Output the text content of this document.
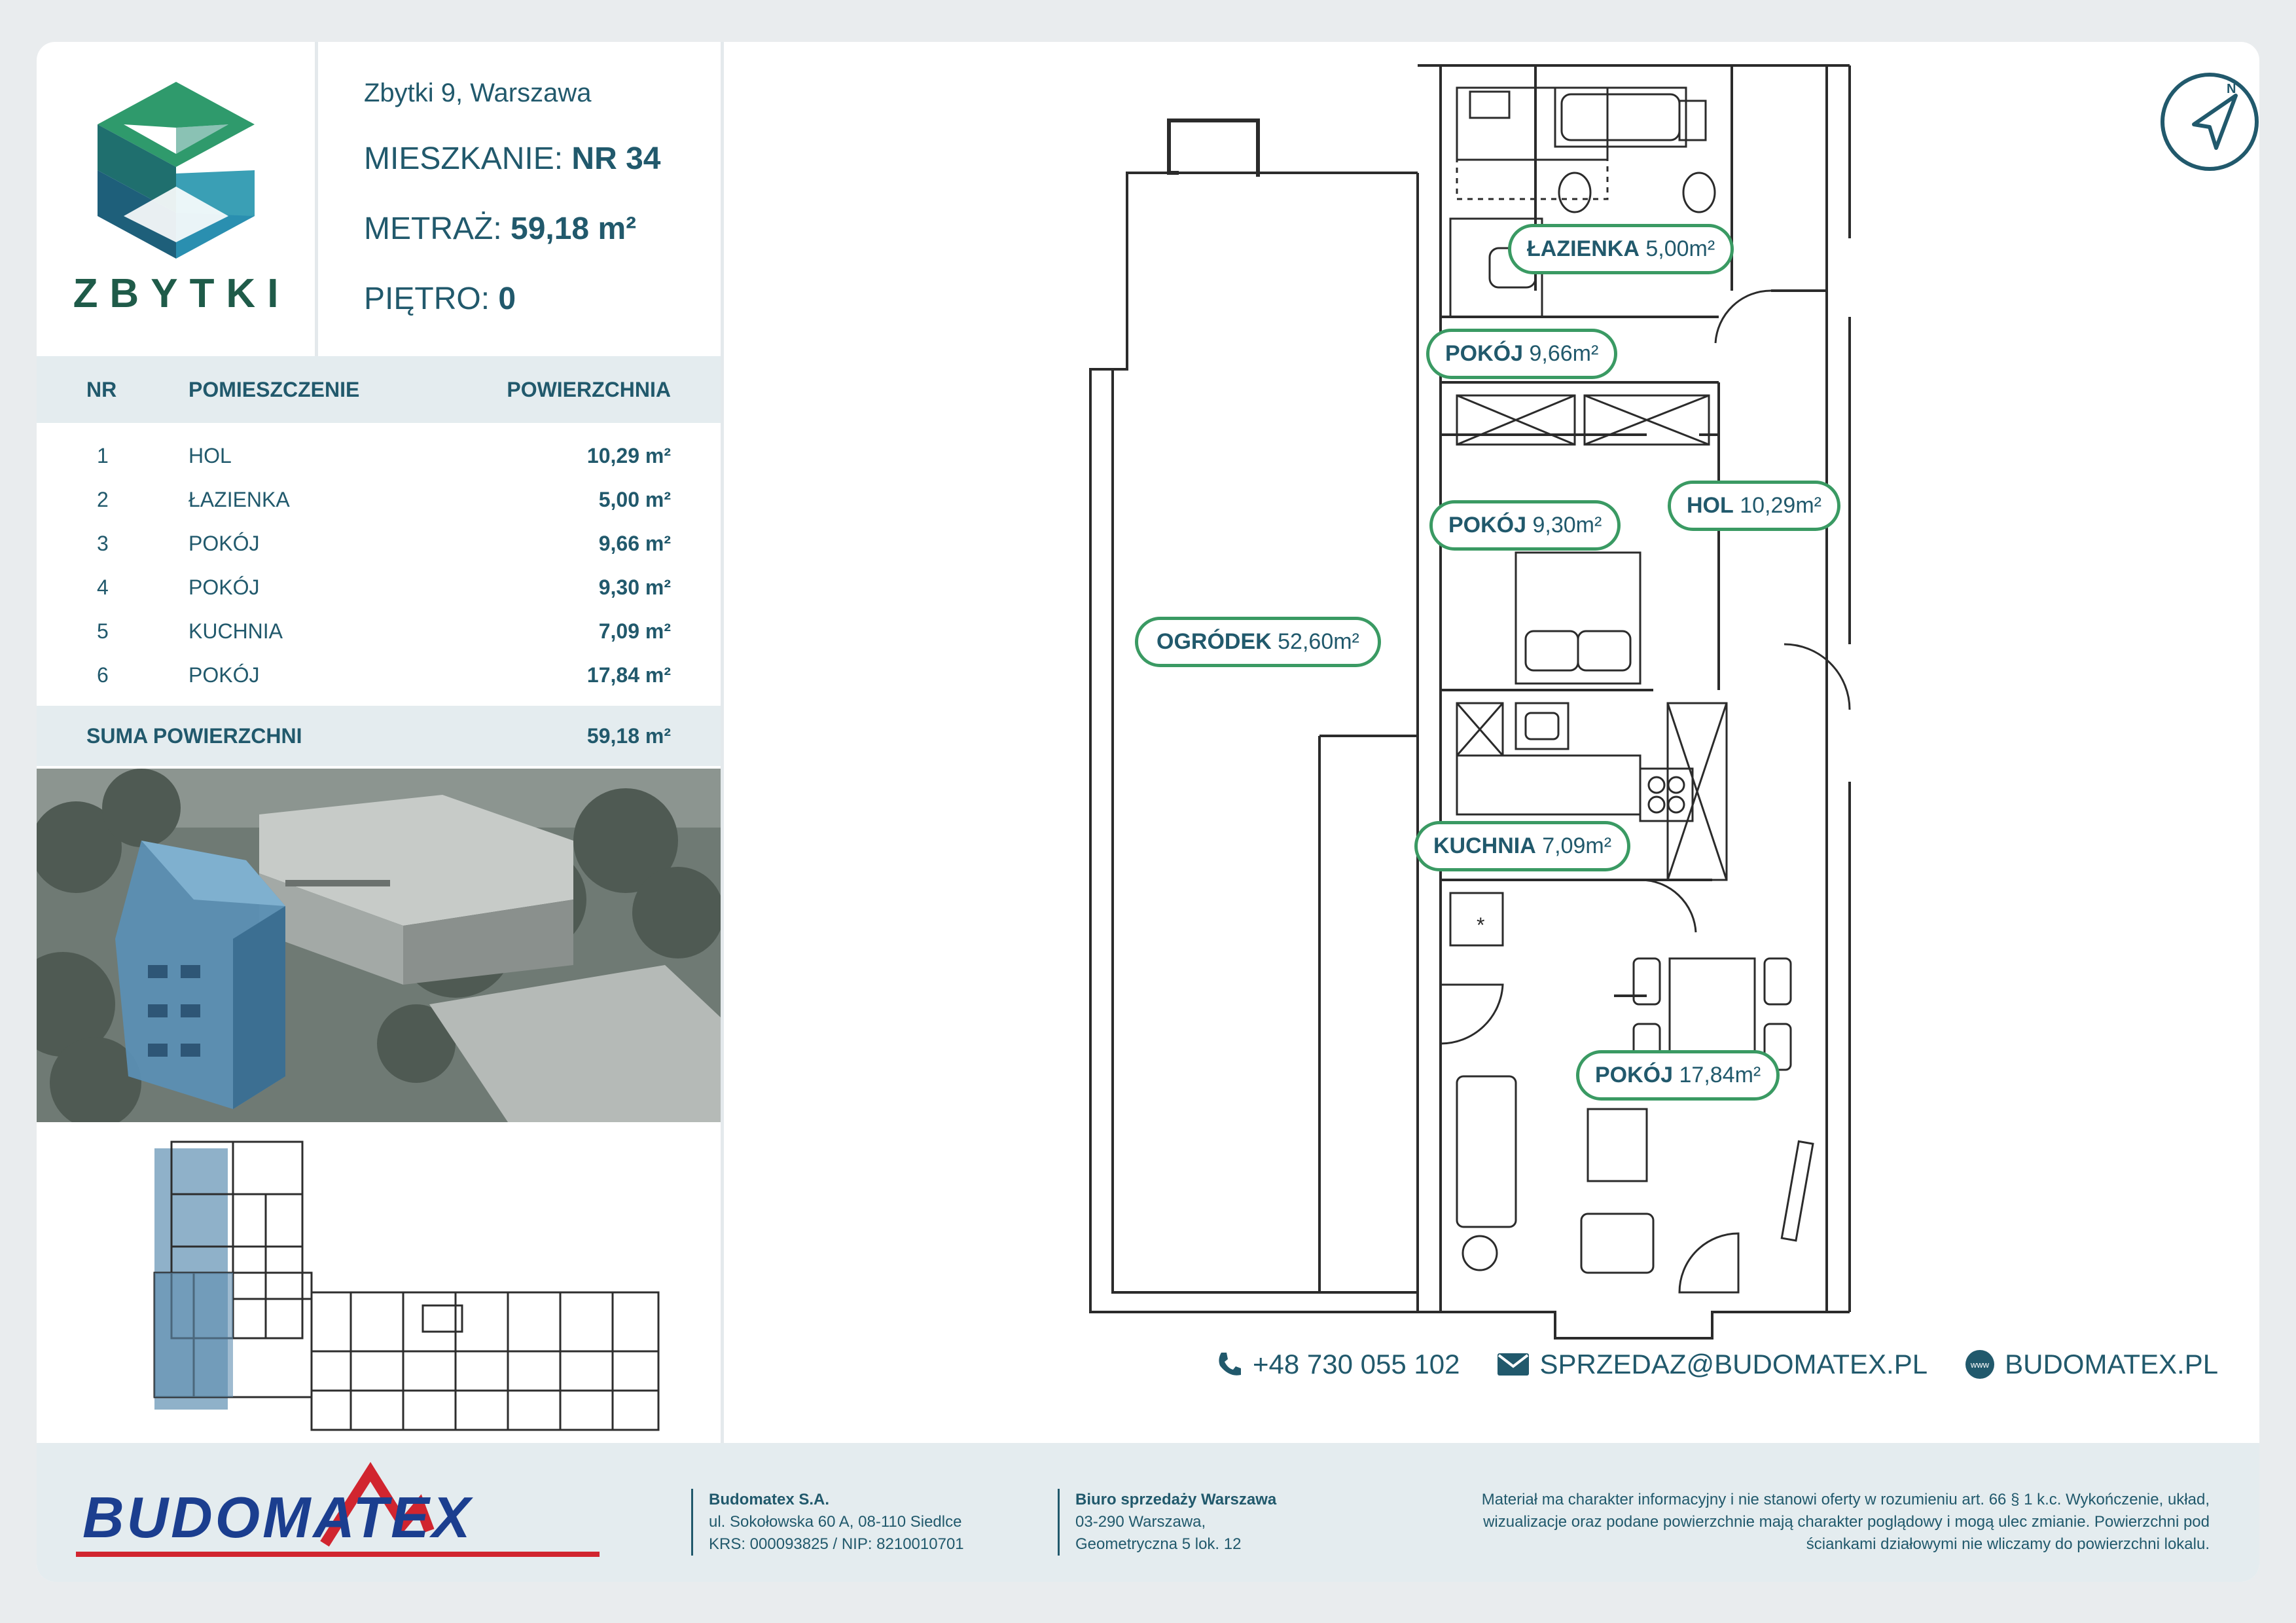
ZBYTKI
Zbytki 9, Warszawa
MIESZKANIE: NR 34
METRAŻ: 59,18 m²
PIĘTRO: 0
NR	POMIESZCZENIE	POWIERZCHNIA
1	HOL	10,29 m²
2	ŁAZIENKA	5,00 m²
3	POKÓJ	9,66 m²
4	POKÓJ	9,30 m²
5	KUCHNIA	7,09 m²
6	POKÓJ	17,84 m²
SUMA POWIERZCHNI	59,18 m²
*
ŁAZIENKA 5,00m²
POKÓJ 9,66m²
POKÓJ 9,30m²
HOL 10,29m²
OGRÓDEK 52,60m²
KUCHNIA 7,09m²
POKÓJ 17,84m²
N
+48 730 055 102	SPRZEDAZ@BUDOMATEX.PL	www BUDOMATEX.PL
BUDOMATEX	Budomatex S.A.
ul. Sokołowska 60 A, 08-110 Siedlce
KRS: 000093825 / NIP: 8210010701
Biuro sprzedaży Warszawa
03-290 Warszawa,
Geometryczna 5 lok. 12
Materiał ma charakter informacyjny i nie stanowi oferty w rozumieniu art. 66 § 1 k.c. Wykończenie, układ,
wizualizacje oraz podane powierzchnie mają charakter poglądowy i mogą ulec zmianie. Powierzchni pod
ściankami działowymi nie wliczamy do powierzchni lokalu.
